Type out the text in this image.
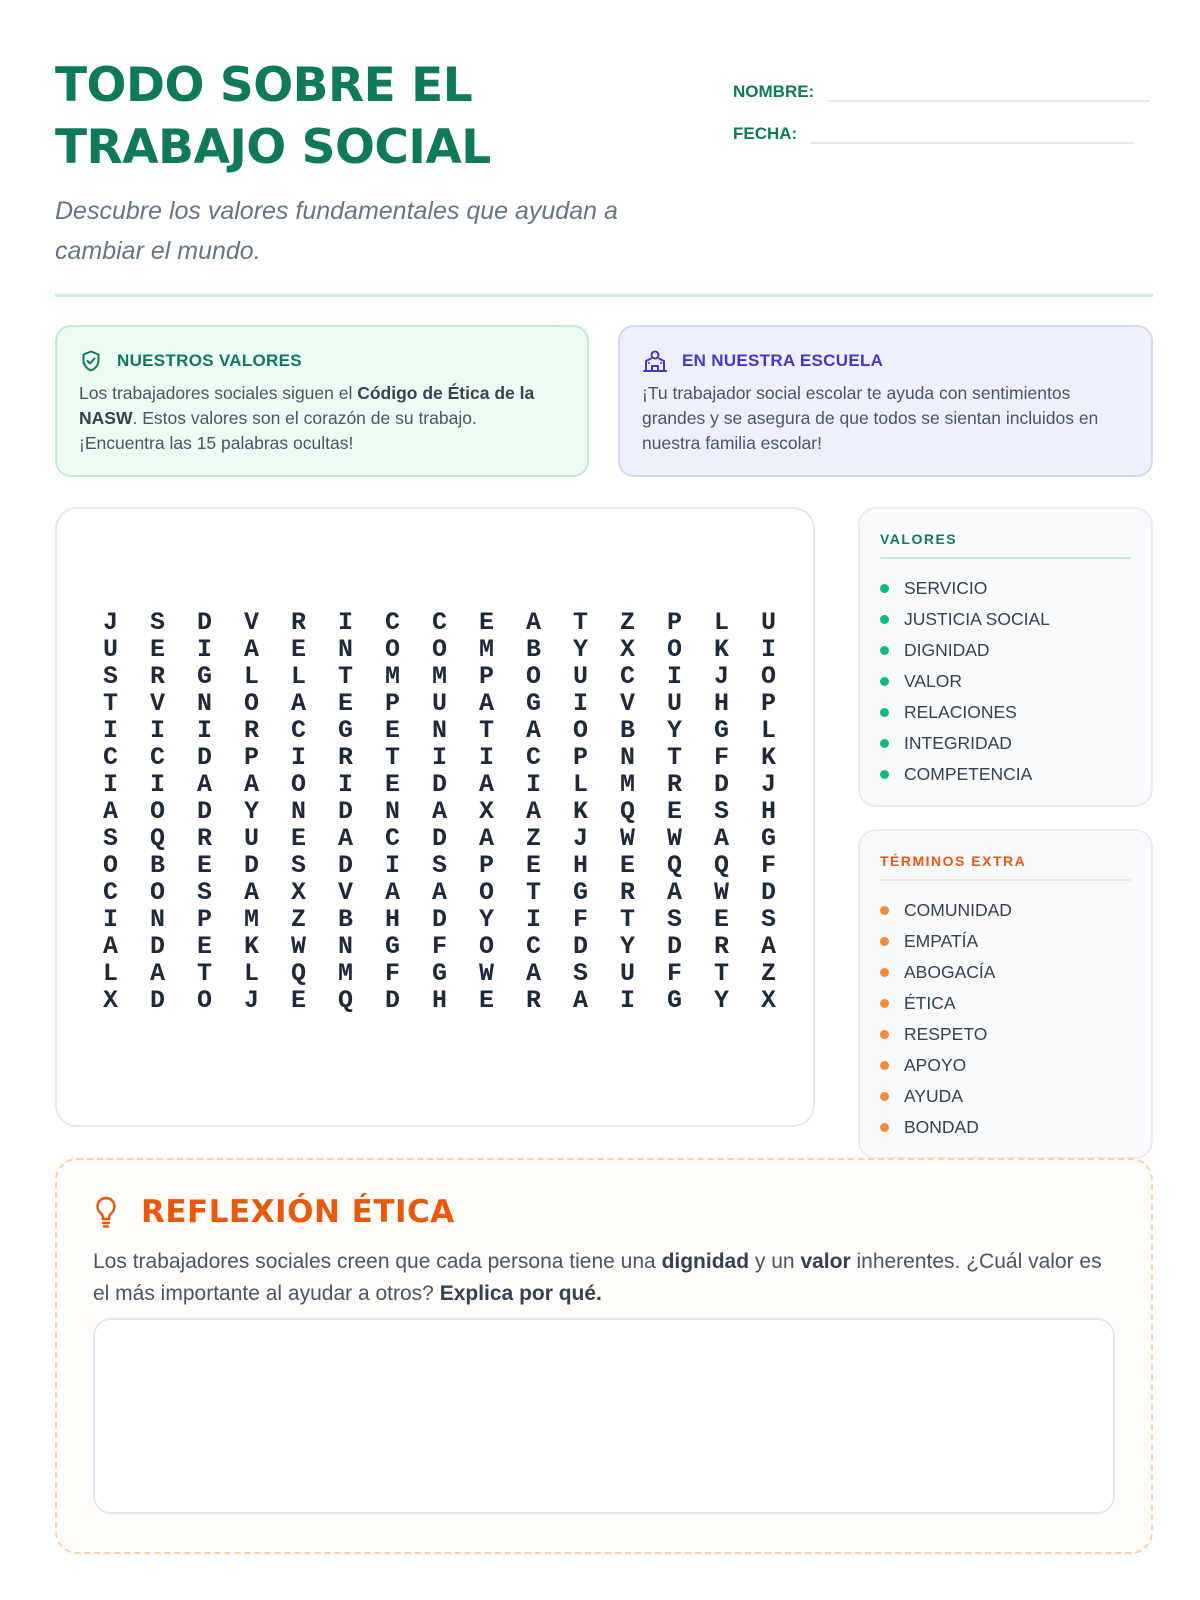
TODO SOBRE EL
TRABAJO SOCIAL
Descubre los valores fundamentales que ayudan a cambiar el mundo.
NOMBRE:
FECHA:
NUESTROS VALORES
Los trabajadores sociales siguen el Código de Ética de la NASW. Estos valores son el corazón de su trabajo. ¡Encuentra las 15 palabras ocultas!
EN NUESTRA ESCUELA
¡Tu trabajador social escolar te ayuda con sentimientos grandes y se asegura de que todos se sientan incluidos en nuestra familia escolar!
J	S	D	V	R	I	C	C	E	A	T	Z	P	L	U
U	E	I	A	E	N	O	O	M	B	Y	X	O	K	I
S	R	G	L	L	T	M	M	P	O	U	C	I	J	O
T	V	N	O	A	E	P	U	A	G	I	V	U	H	P
I	I	I	R	C	G	E	N	T	A	O	B	Y	G	L
C	C	D	P	I	R	T	I	I	C	P	N	T	F	K
I	I	A	A	O	I	E	D	A	I	L	M	R	D	J
A	O	D	Y	N	D	N	A	X	A	K	Q	E	S	H
S	Q	R	U	E	A	C	D	A	Z	J	W	W	A	G
O	B	E	D	S	D	I	S	P	E	H	E	Q	Q	F
C	O	S	A	X	V	A	A	O	T	G	R	A	W	D
I	N	P	M	Z	B	H	D	Y	I	F	T	S	E	S
A	D	E	K	W	N	G	F	O	C	D	Y	D	R	A
L	A	T	L	Q	M	F	G	W	A	S	U	F	T	Z
X	D	O	J	E	Q	D	H	E	R	A	I	G	Y	X
VALORES
SERVICIO
JUSTICIA SOCIAL
DIGNIDAD
VALOR
RELACIONES
INTEGRIDAD
COMPETENCIA
TÉRMINOS EXTRA
COMUNIDAD
EMPATÍA
ABOGACÍA
ÉTICA
RESPETO
APOYO
AYUDA
BONDAD
REFLEXIÓN ÉTICA
Los trabajadores sociales creen que cada persona tiene una dignidad y un valor inherentes. ¿Cuál valor es el más importante al ayudar a otros? Explica por qué.
